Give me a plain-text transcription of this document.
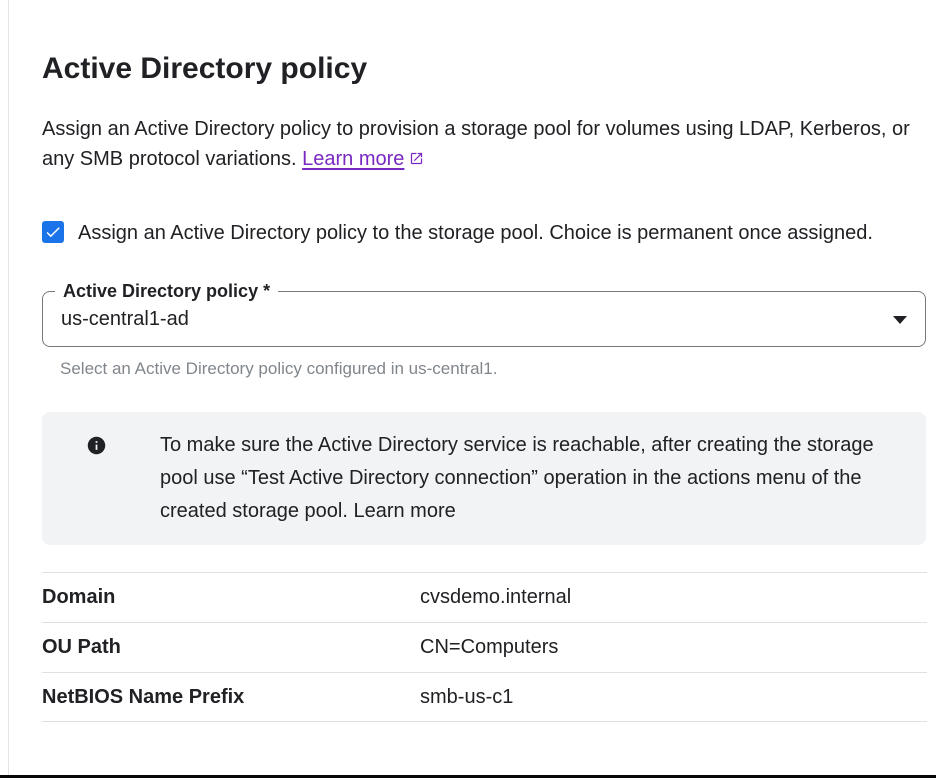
Active Directory policy

Assign an Active Directory policy to provision a storage pool for volumes using LDAP, Kerberos, or any SMB protocol variations. Learn more

Assign an Active Directory policy to the storage pool. Choice is permanent once assigned.
Active Directory policy *
us-central1-ad
Select an Active Directory policy configured in us-central1.

To make sure the Active Directory service is reachable, after creating the storage pool use “Test Active Directory connection” operation in the actions menu of the created storage pool. Learn more

Domain	cvsdemo.internal
OU Path	CN=Computers
NetBIOS Name Prefix	smb-us-c1
